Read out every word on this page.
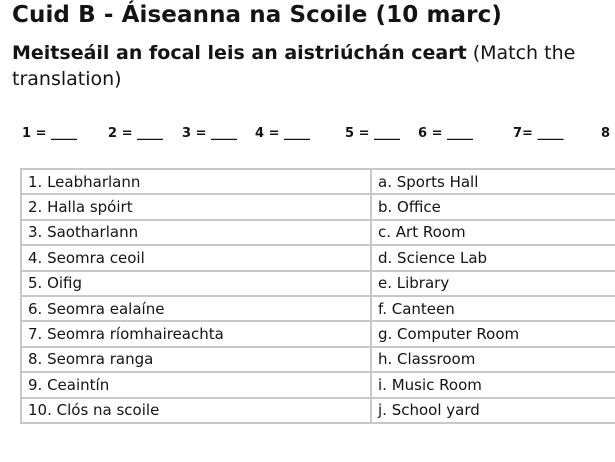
Cuid B - Áiseanna na Scoile (10 marc)
Meitseáil an focal leis an aistriúchán ceart (Match the translation)
1 = ____ 2 = ____ 3 = ____ 4 = ____	5 = ____ 6 = ____	7= ____	8
1. Leabharlann	a. Sports Hall
2. Halla spóirt	b. Office
3. Saotharlann	c. Art Room
4. Seomra ceoil	d. Science Lab
5. Oifig	e. Library
6. Seomra ealaíne	f. Canteen
7. Seomra ríomhaireachta	g. Computer Room
8. Seomra ranga	h. Classroom
9. Ceaintín	i. Music Room
10. Clós na scoile	j. School yard
